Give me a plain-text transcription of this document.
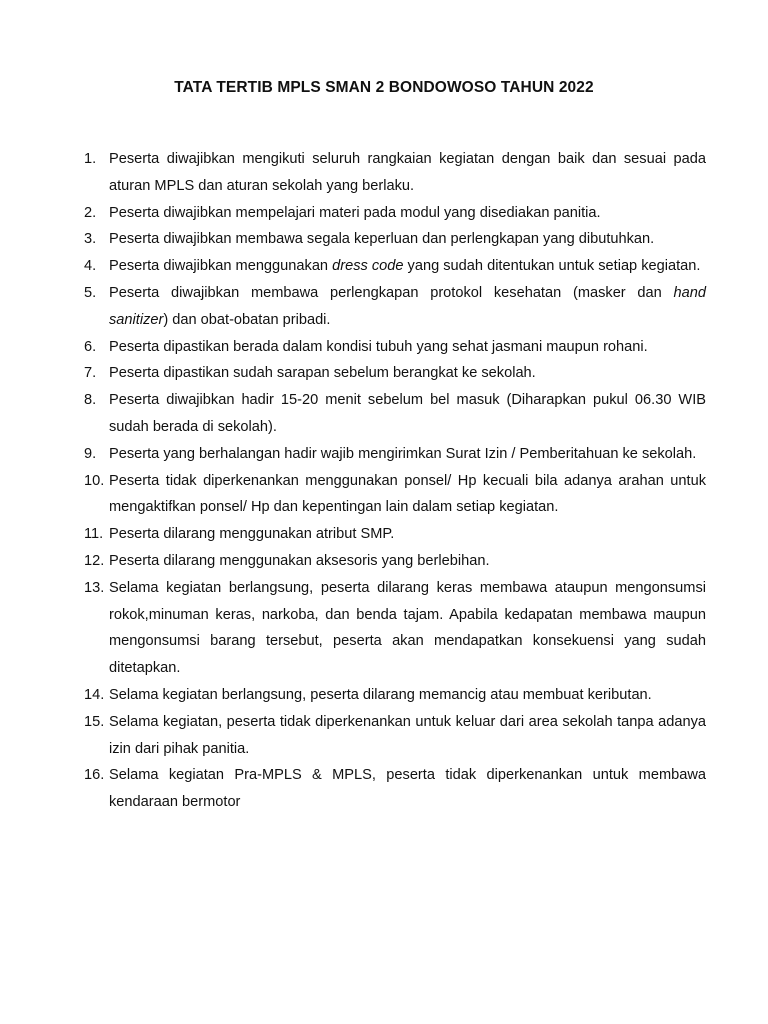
TATA TERTIB MPLS SMAN 2 BONDOWOSO TAHUN 2022
1. Peserta diwajibkan mengikuti seluruh rangkaian kegiatan dengan baik dan sesuai pada aturan MPLS dan aturan sekolah yang berlaku.
2. Peserta diwajibkan mempelajari materi pada modul yang disediakan panitia.
3. Peserta diwajibkan membawa segala keperluan dan perlengkapan yang dibutuhkan.
4. Peserta diwajibkan menggunakan dress code yang sudah ditentukan untuk setiap kegiatan.
5. Peserta diwajibkan membawa perlengkapan protokol kesehatan (masker dan hand sanitizer) dan obat-obatan pribadi.
6. Peserta dipastikan berada dalam kondisi tubuh yang sehat jasmani maupun rohani.
7. Peserta dipastikan sudah sarapan sebelum berangkat ke sekolah.
8. Peserta diwajibkan hadir 15-20 menit sebelum bel masuk (Diharapkan pukul 06.30 WIB sudah berada di sekolah).
9. Peserta yang berhalangan hadir wajib mengirimkan Surat Izin / Pemberitahuan ke sekolah.
10. Peserta tidak diperkenankan menggunakan ponsel/ Hp kecuali bila adanya arahan untuk mengaktifkan ponsel/ Hp dan kepentingan lain dalam setiap kegiatan.
11. Peserta dilarang menggunakan atribut SMP.
12. Peserta dilarang menggunakan aksesoris yang berlebihan.
13. Selama kegiatan berlangsung, peserta dilarang keras membawa ataupun mengonsumsi rokok,minuman keras, narkoba, dan benda tajam. Apabila kedapatan membawa maupun mengonsumsi barang tersebut, peserta akan mendapatkan konsekuensi yang sudah ditetapkan.
14. Selama kegiatan berlangsung, peserta dilarang memancig atau membuat keributan.
15. Selama kegiatan, peserta tidak diperkenankan untuk keluar dari area sekolah tanpa adanya izin dari pihak panitia.
16. Selama kegiatan Pra-MPLS & MPLS, peserta tidak diperkenankan untuk membawa kendaraan bermotor
